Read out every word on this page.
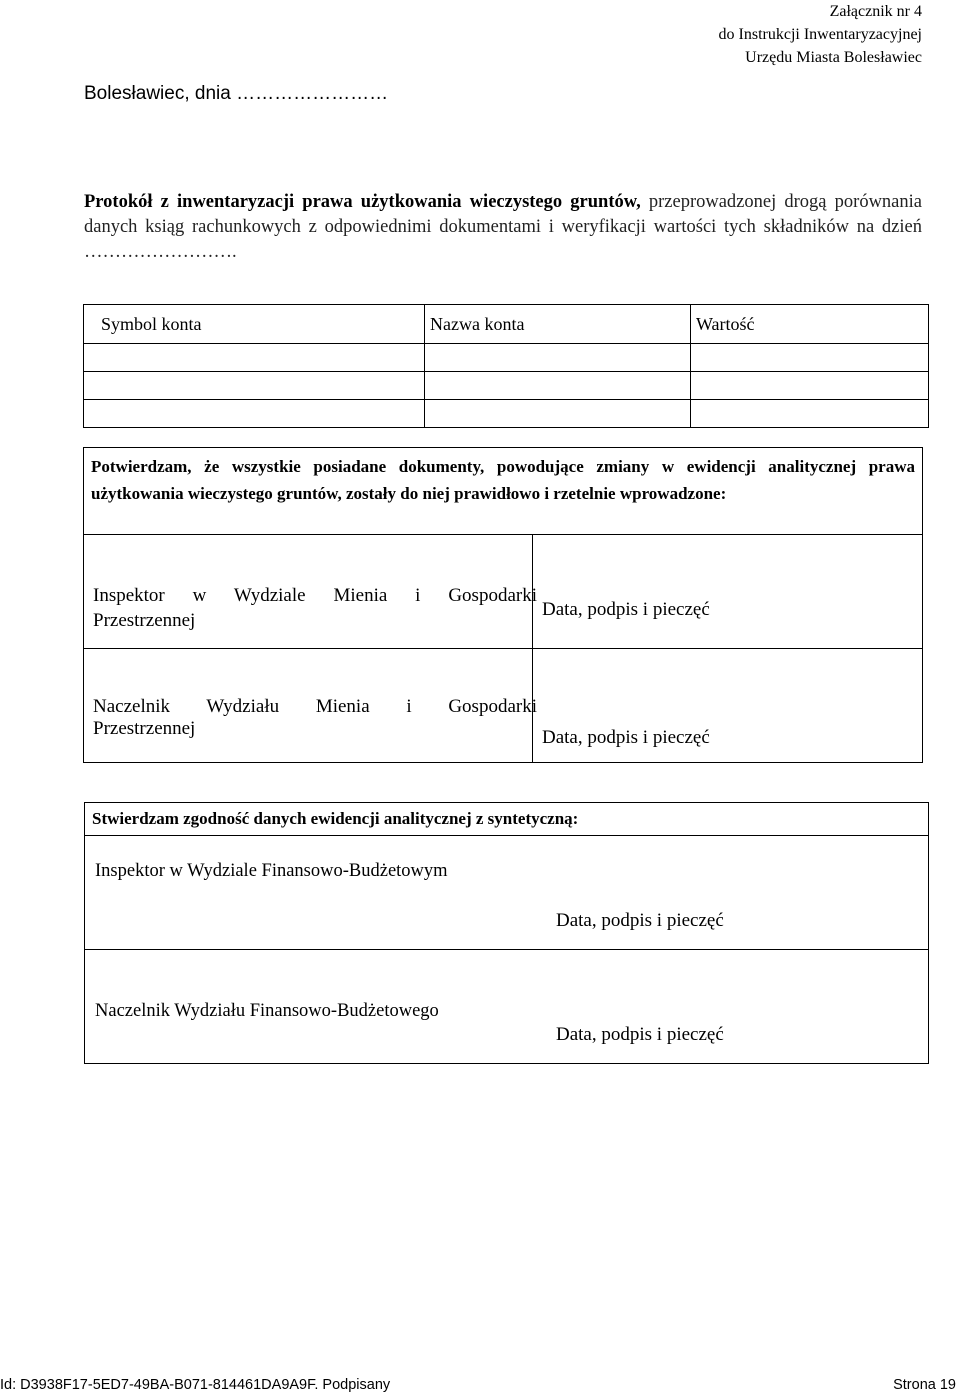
Załącznik nr 4
do Instrukcji Inwentaryzacyjnej
Urzędu Miasta Bolesławiec
Bolesławiec, dnia ……………………
Protokół z inwentaryzacji prawa użytkowania wieczystego gruntów, przeprowadzonej drogą porównania danych ksiąg rachunkowych z odpowiednimi dokumentami i weryfikacji wartości tych składników na dzień …………………….
Symbol konta	Nazwa konta	Wartość

Potwierdzam, że wszystkie posiadane dokumenty, powodujące zmiany w ewidencji analitycznej prawa użytkowania wieczystego gruntów, zostały do niej prawidłowo i rzetelnie wprowadzone:	

Inspektor w Wydziale Mienia i Gospodarki
Przestrzennej	Data, podpis i pieczęć

Naczelnik Wydziału Mienia i Gospodarki
Przestrzennej	Data, podpis i pieczęć
Stwierdzam zgodność danych ewidencji analitycznej z syntetyczną:

Inspektor w Wydziale Finansowo-Budżetowym
Data, podpis i pieczęć

Naczelnik Wydziału Finansowo-Budżetowego
Data, podpis i pieczęć
Id: D3938F17-5ED7-49BA-B071-814461DA9A9F. Podpisany	Strona 19
